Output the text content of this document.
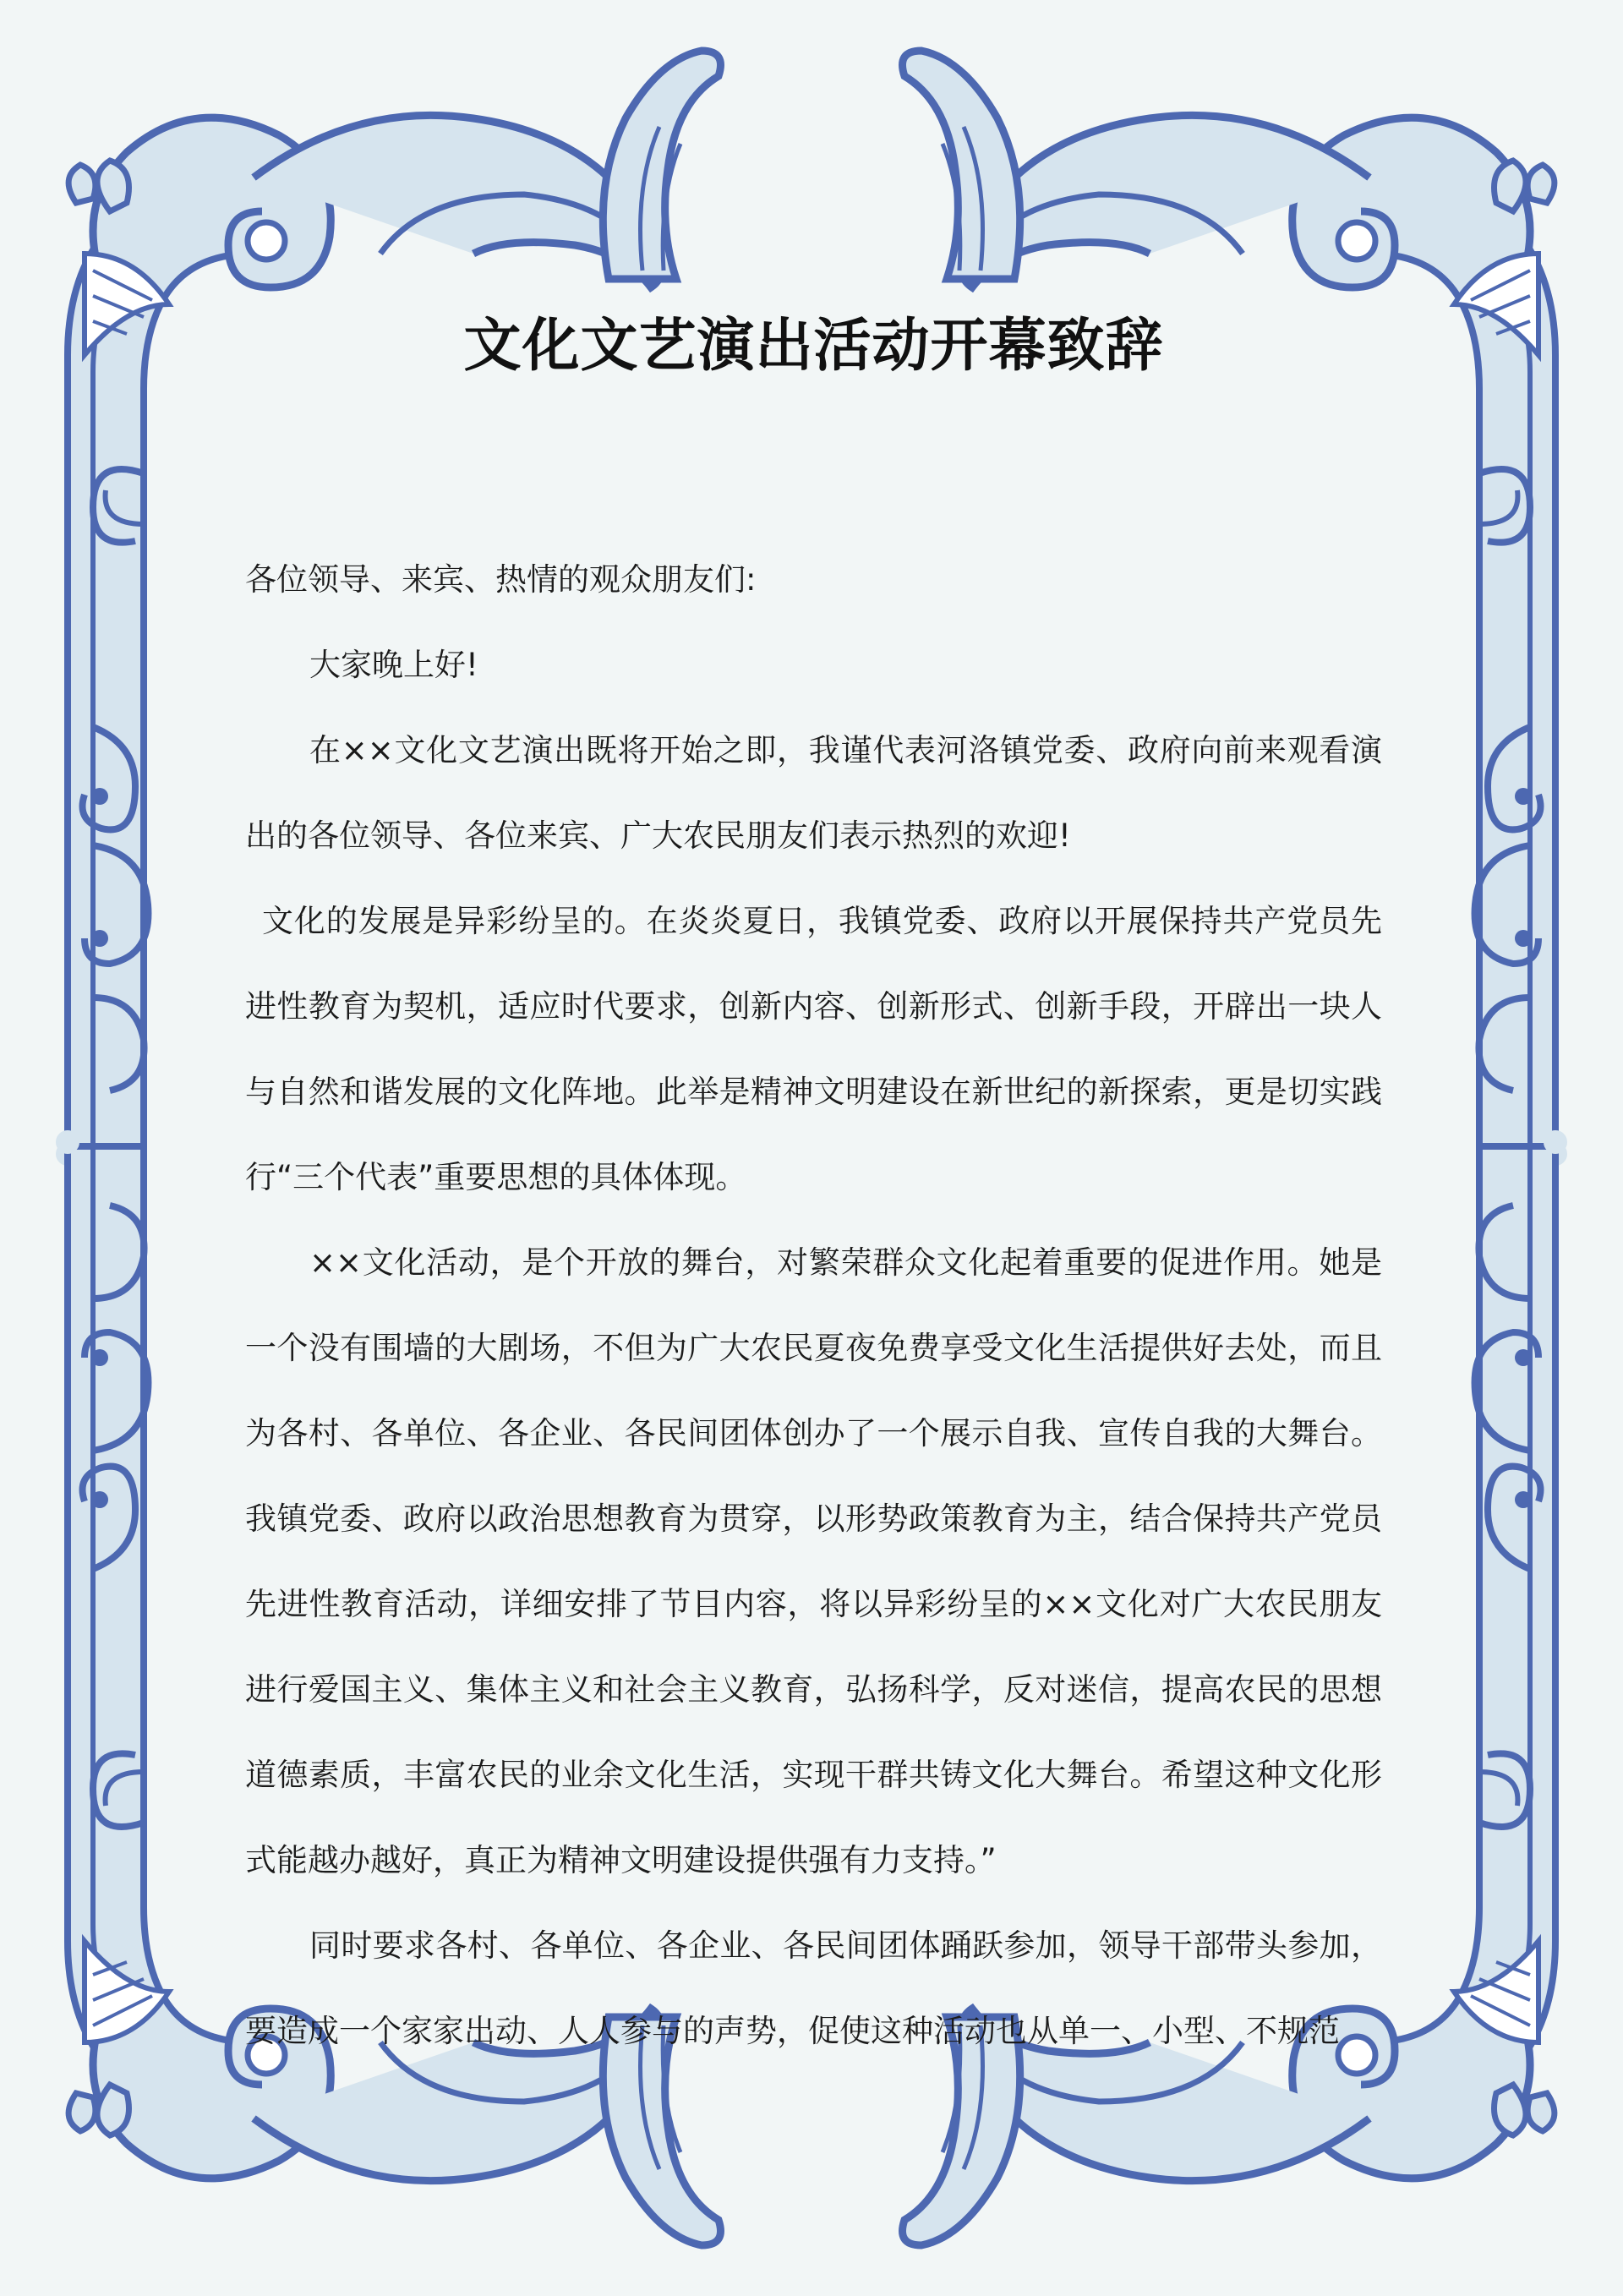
文化文艺演出活动开幕致辞

各位领导、来宾、热情的观众朋友们:

大家晚上好!

在××文化文艺演出既将开始之即，我谨代表河洛镇党委、政府向前来观看演出的各位领导、各位来宾、广大农民朋友们表示热烈的欢迎!

文化的发展是异彩纷呈的。在炎炎夏日，我镇党委、政府以开展保持共产党员先进性教育为契机，适应时代要求，创新内容、创新形式、创新手段，开辟出一块人与自然和谐发展的文化阵地。此举是精神文明建设在新世纪的新探索，更是切实践行“三个代表”重要思想的具体体现。

××文化活动，是个开放的舞台，对繁荣群众文化起着重要的促进作用。她是一个没有围墙的大剧场，不但为广大农民夏夜免费享受文化生活提供好去处，而且为各村、各单位、各企业、各民间团体创办了一个展示自我、宣传自我的大舞台。我镇党委、政府以政治思想教育为贯穿，以形势政策教育为主，结合保持共产党员先进性教育活动，详细安排了节目内容，将以异彩纷呈的××文化对广大农民朋友进行爱国主义、集体主义和社会主义教育，弘扬科学，反对迷信，提高农民的思想道德素质，丰富农民的业余文化生活，实现干群共铸文化大舞台。希望这种文化形式能越办越好，真正为精神文明建设提供强有力支持。”

同时要求各村、各单位、各企业、各民间团体踊跃参加，领导干部带头参加，要造成一个家家出动、人人参与的声势，促使这种活动也从单一、小型、不规范
